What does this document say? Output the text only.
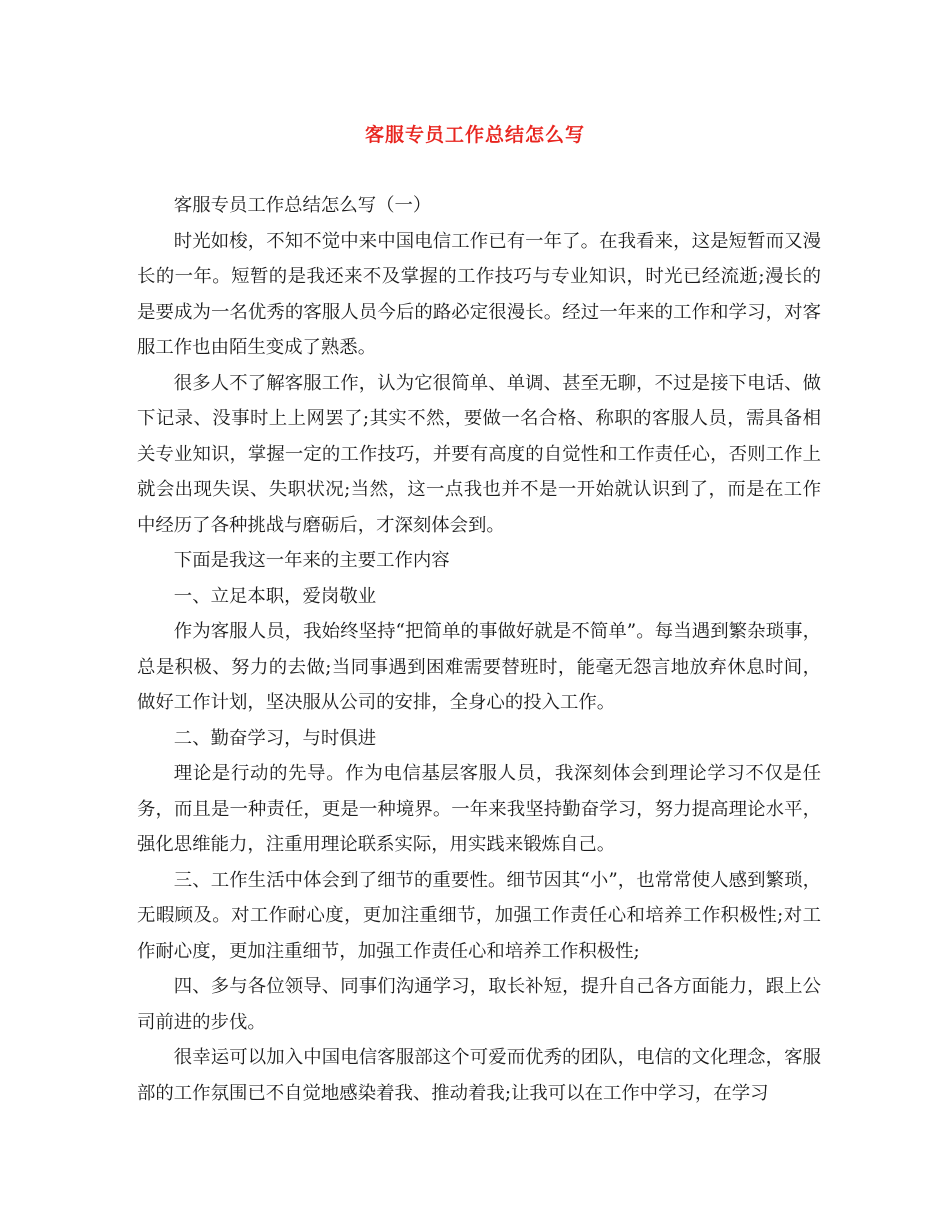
客服专员工作总结怎么写

客服专员工作总结怎么写（一）

时光如梭，不知不觉中来中国电信工作已有一年了。在我看来，这是短暂而又漫长的一年。短暂的是我还来不及掌握的工作技巧与专业知识，时光已经流逝;漫长的是要成为一名优秀的客服人员今后的路必定很漫长。经过一年来的工作和学习，对客服工作也由陌生变成了熟悉。

很多人不了解客服工作，认为它很简单、单调、甚至无聊，不过是接下电话、做下记录、没事时上上网罢了;其实不然，要做一名合格、称职的客服人员，需具备相关专业知识，掌握一定的工作技巧，并要有高度的自觉性和工作责任心，否则工作上就会出现失误、失职状况;当然，这一点我也并不是一开始就认识到了，而是在工作中经历了各种挑战与磨砺后，才深刻体会到。

下面是我这一年来的主要工作内容

一、立足本职，爱岗敬业

作为客服人员，我始终坚持“把简单的事做好就是不简单”。每当遇到繁杂琐事，总是积极、努力的去做;当同事遇到困难需要替班时，能毫无怨言地放弃休息时间，做好工作计划，坚决服从公司的安排，全身心的投入工作。

二、勤奋学习，与时俱进

理论是行动的先导。作为电信基层客服人员，我深刻体会到理论学习不仅是任务，而且是一种责任，更是一种境界。一年来我坚持勤奋学习，努力提高理论水平，强化思维能力，注重用理论联系实际，用实践来锻炼自己。

三、工作生活中体会到了细节的重要性。细节因其“小”，也常常使人感到繁琐，无暇顾及。对工作耐心度，更加注重细节，加强工作责任心和培养工作积极性;对工作耐心度，更加注重细节，加强工作责任心和培养工作积极性;

四、多与各位领导、同事们沟通学习，取长补短，提升自己各方面能力，跟上公司前进的步伐。

很幸运可以加入中国电信客服部这个可爱而优秀的团队，电信的文化理念，客服部的工作氛围已不自觉地感染着我、推动着我;让我可以在工作中学习，在学习
